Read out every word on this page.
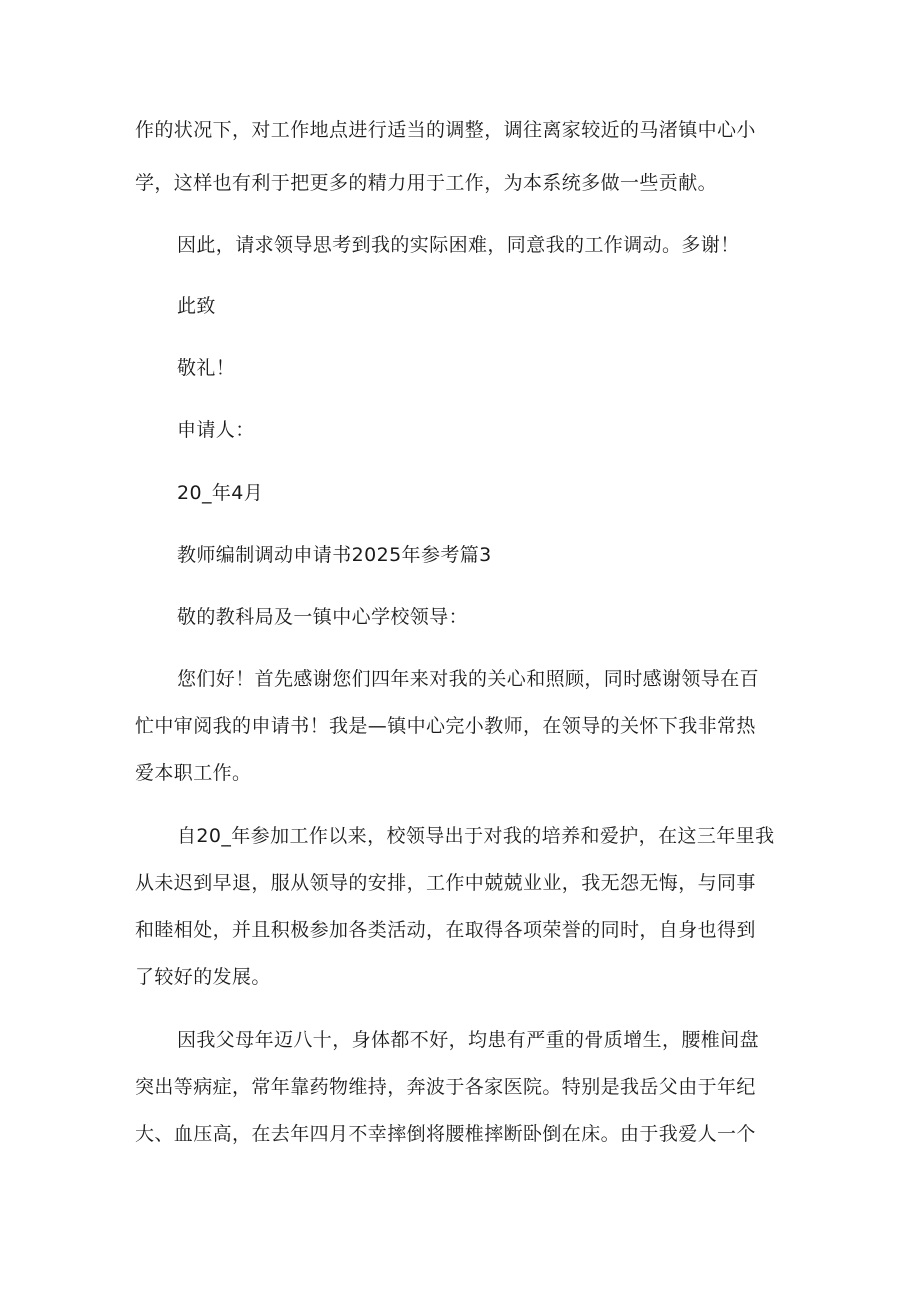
作的状况下，对工作地点进行适当的调整，调往离家较近的马渚镇中心小
学，这样也有利于把更多的精力用于工作，为本系统多做一些贡献。
因此，请求领导思考到我的实际困难，同意我的工作调动。多谢！
此致
敬礼！
申请人：
20_年4月
教师编制调动申请书2025年参考篇3
敬的教科局及一镇中心学校领导：
您们好！首先感谢您们四年来对我的关心和照顾，同时感谢领导在百
忙中审阅我的申请书！我是—镇中心完小教师，在领导的关怀下我非常热
爱本职工作。
自20_年参加工作以来，校领导出于对我的培养和爱护，在这三年里我
从未迟到早退，服从领导的安排，工作中兢兢业业，我无怨无悔，与同事
和睦相处，并且积极参加各类活动，在取得各项荣誉的同时，自身也得到
了较好的发展。
因我父母年迈八十，身体都不好，均患有严重的骨质增生，腰椎间盘
突出等病症，常年靠药物维持，奔波于各家医院。特别是我岳父由于年纪
大、血压高，在去年四月不幸摔倒将腰椎摔断卧倒在床。由于我爱人一个
